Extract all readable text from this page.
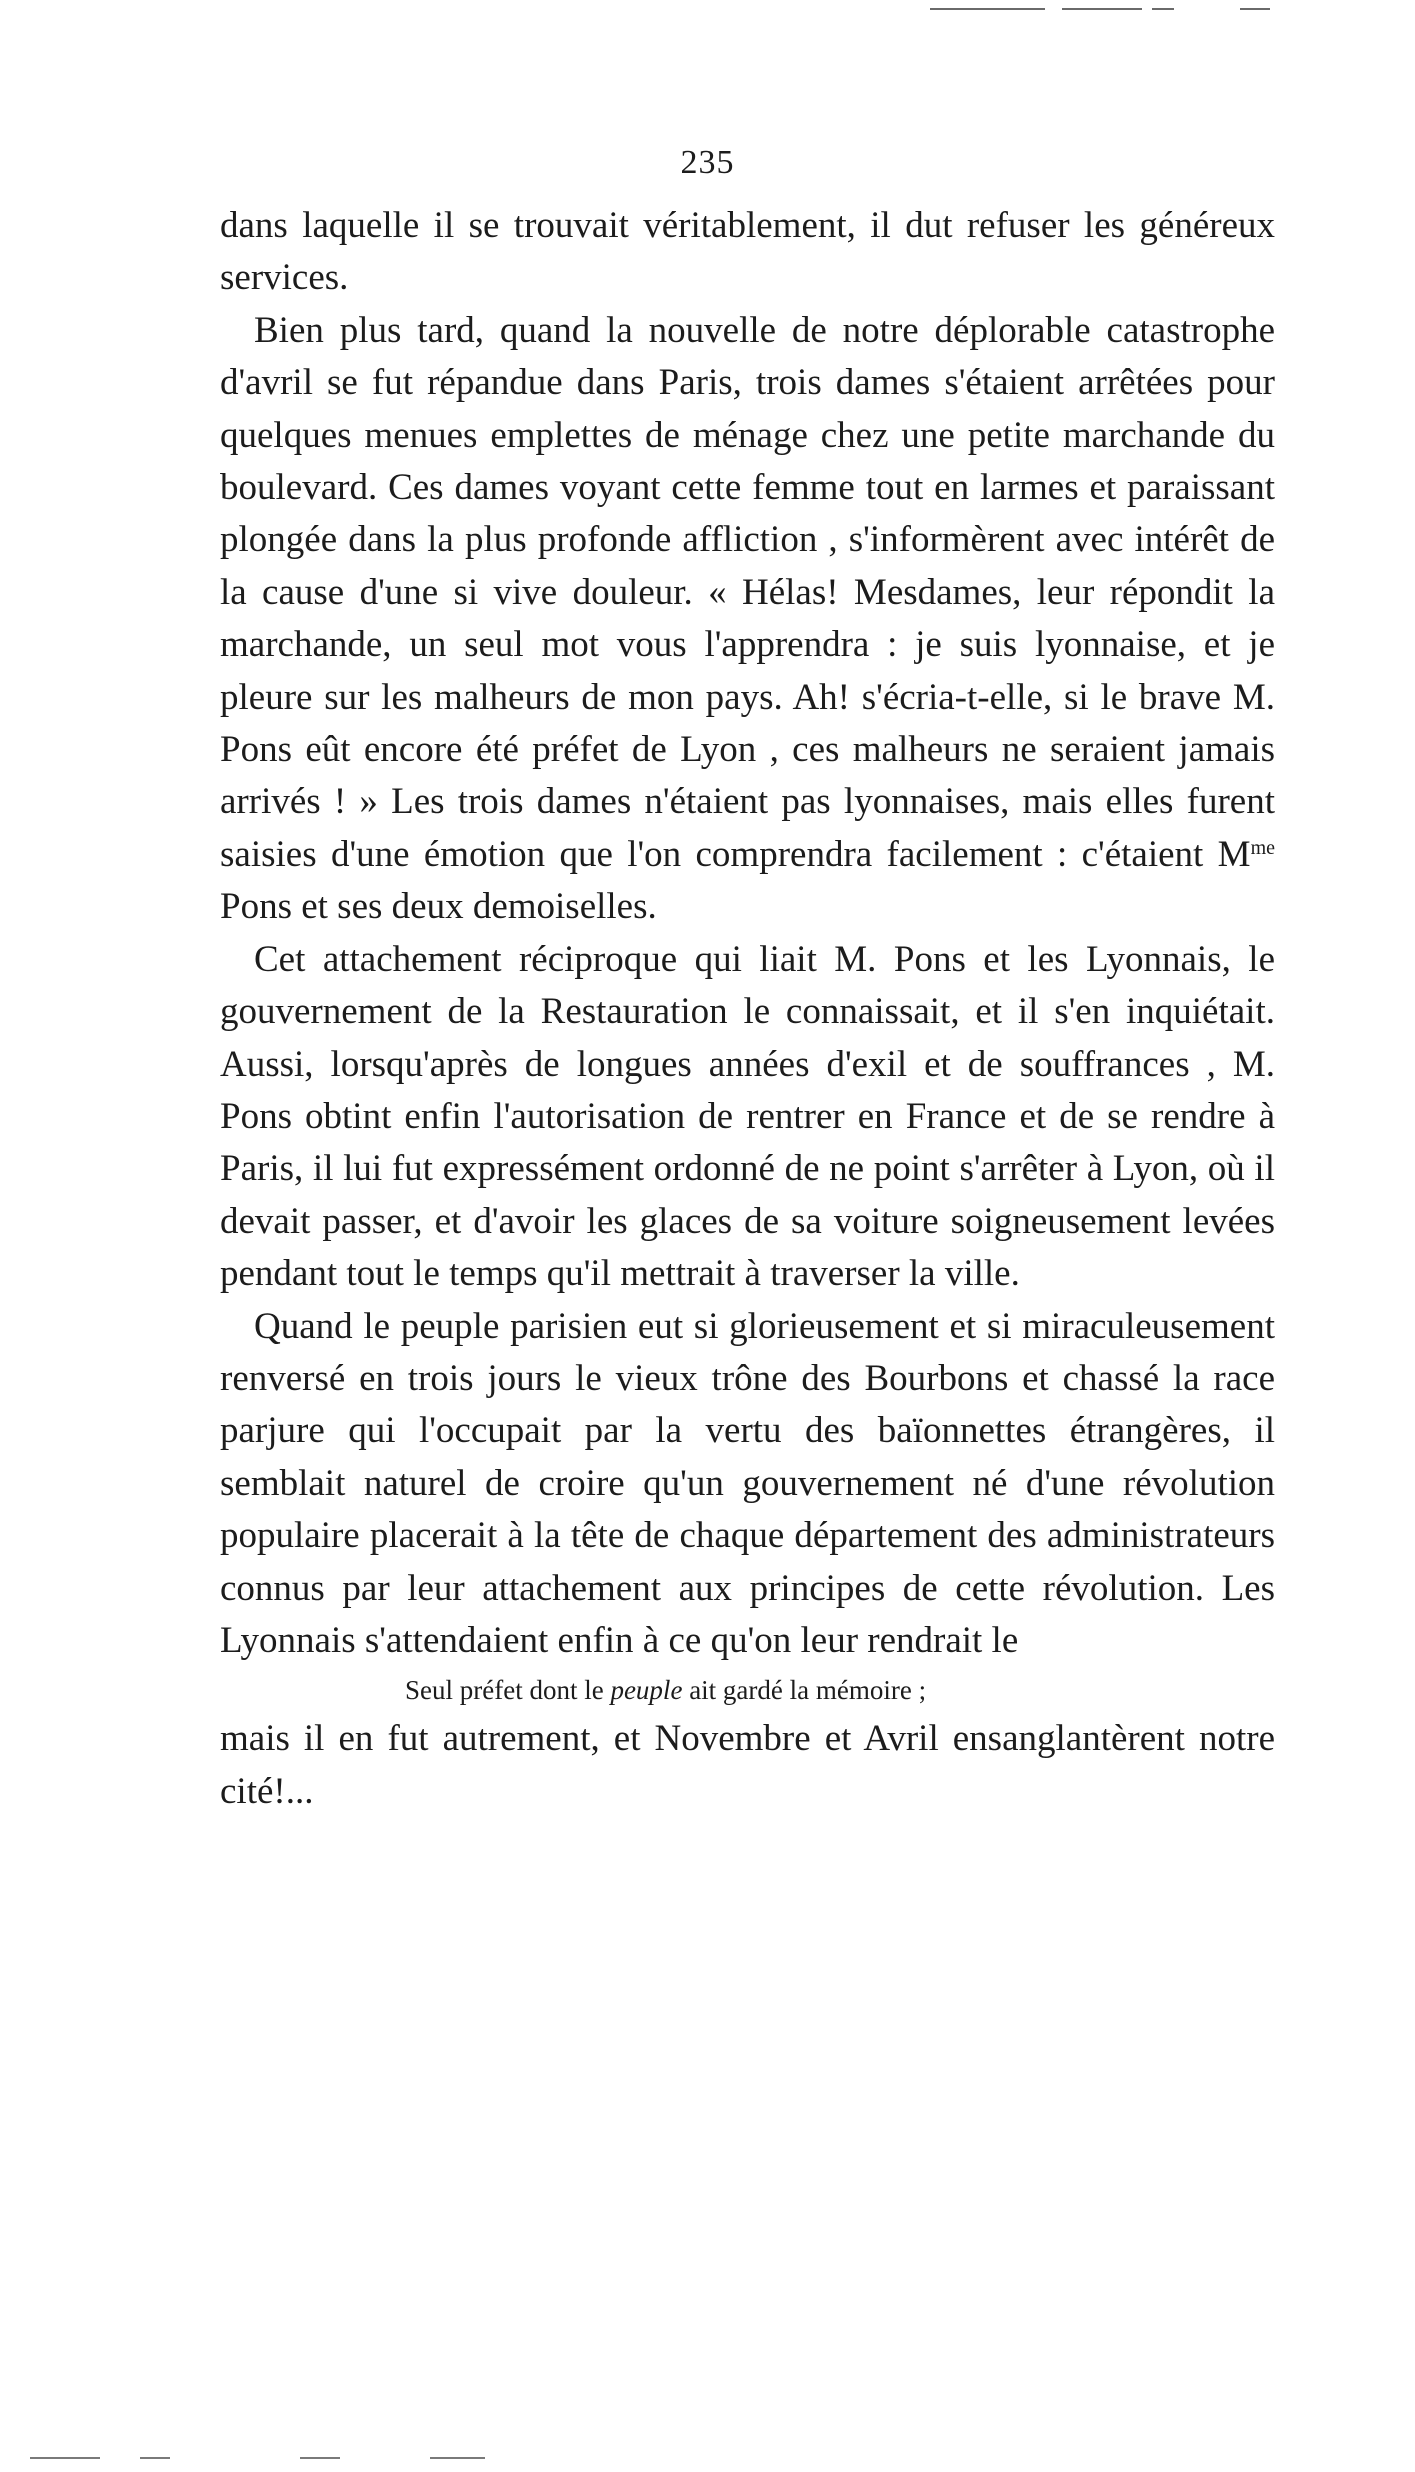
235

dans laquelle il se trouvait véritablement, il dut refuser les généreux services.

Bien plus tard, quand la nouvelle de notre déplorable catastrophe d'avril se fut répandue dans Paris, trois dames s'étaient arrêtées pour quelques menues emplettes de ménage chez une petite marchande du boulevard. Ces dames voyant cette femme tout en larmes et paraissant plongée dans la plus profonde affliction , s'informèrent avec intérêt de la cause d'une si vive douleur. « Hélas! Mesdames, leur répondit la marchande, un seul mot vous l'apprendra : je suis lyonnaise, et je pleure sur les malheurs de mon pays. Ah! s'écria-t-elle, si le brave M. Pons eût encore été préfet de Lyon , ces malheurs ne seraient jamais arrivés ! » Les trois dames n'étaient pas lyonnaises, mais elles furent saisies d'une émotion que l'on comprendra facilement : c'étaient $M^{me}$ Pons et ses deux demoiselles.

Cet attachement réciproque qui liait M. Pons et les Lyonnais, le gouvernement de la Restauration le connaissait, et il s'en inquiétait. Aussi, lorsqu'après de longues années d'exil et de souffrances , M. Pons obtint enfin l'autorisation de rentrer en France et de se rendre à Paris, il lui fut expressément ordonné de ne point s'arrêter à Lyon, où il devait passer, et d'avoir les glaces de sa voiture soigneusement levées pendant tout le temps qu'il mettrait à traverser la ville.

Quand le peuple parisien eut si glorieusement et si miraculeusement renversé en trois jours le vieux trône des Bourbons et chassé la race parjure qui l'occupait par la vertu des baïonnettes étrangères, il semblait naturel de croire qu'un gouvernement né d'une révolution populaire placerait à la tête de chaque département des administrateurs connus par leur attachement aux principes de cette révolution. Les Lyonnais s'attendaient enfin à ce qu'on leur rendrait le

Seul préfet dont le peuple ait gardé la mémoire ;

mais il en fut autrement, et Novembre et Avril ensanglantèrent notre cité!...
